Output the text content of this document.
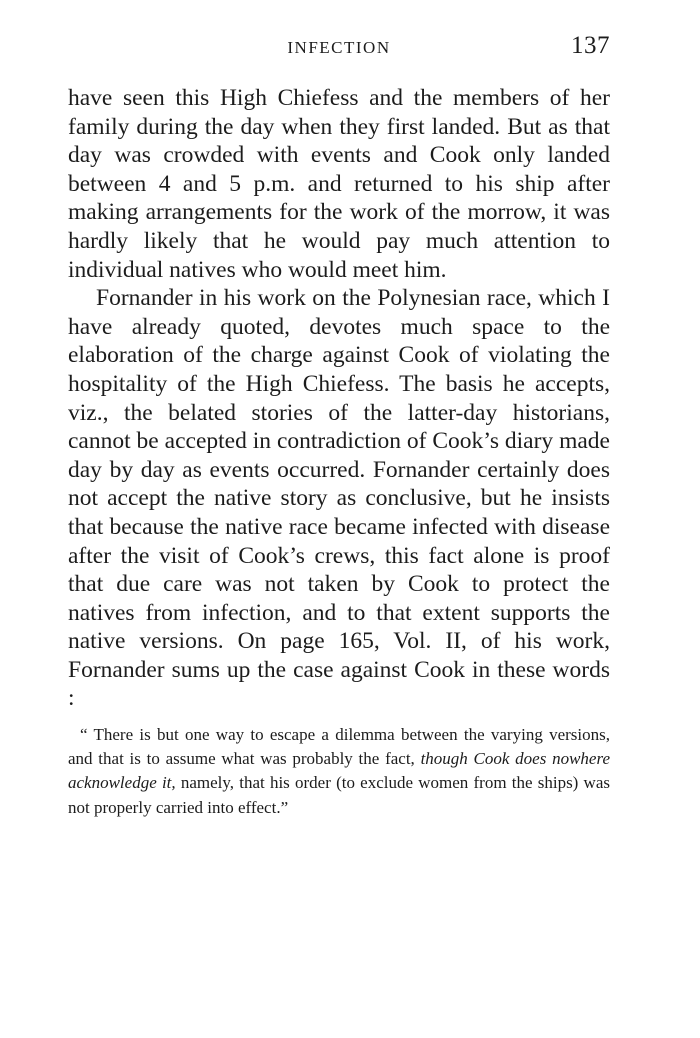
INFECTION	137

have seen this High Chiefess and the members of her family during the day when they first landed. But as that day was crowded with events and Cook only landed between 4 and 5 p.m. and returned to his ship after making arrangements for the work of the morrow, it was hardly likely that he would pay much attention to individual natives who would meet him.

Fornander in his work on the Polynesian race, which I have already quoted, devotes much space to the elaboration of the charge against Cook of violating the hospitality of the High Chiefess. The basis he accepts, viz., the belated stories of the latter-day historians, cannot be accepted in contradiction of Cook’s diary made day by day as events occurred. Fornander certainly does not accept the native story as conclusive, but he insists that because the native race became infected with disease after the visit of Cook’s crews, this fact alone is proof that due care was not taken by Cook to protect the natives from infection, and to that extent supports the native versions. On page 165, Vol. II, of his work, Fornander sums up the case against Cook in these words :

“ There is but one way to escape a dilemma between the varying versions, and that is to assume what was probably the fact, though Cook does nowhere acknowledge it, namely, that his order (to exclude women from the ships) was not properly carried into effect.”
